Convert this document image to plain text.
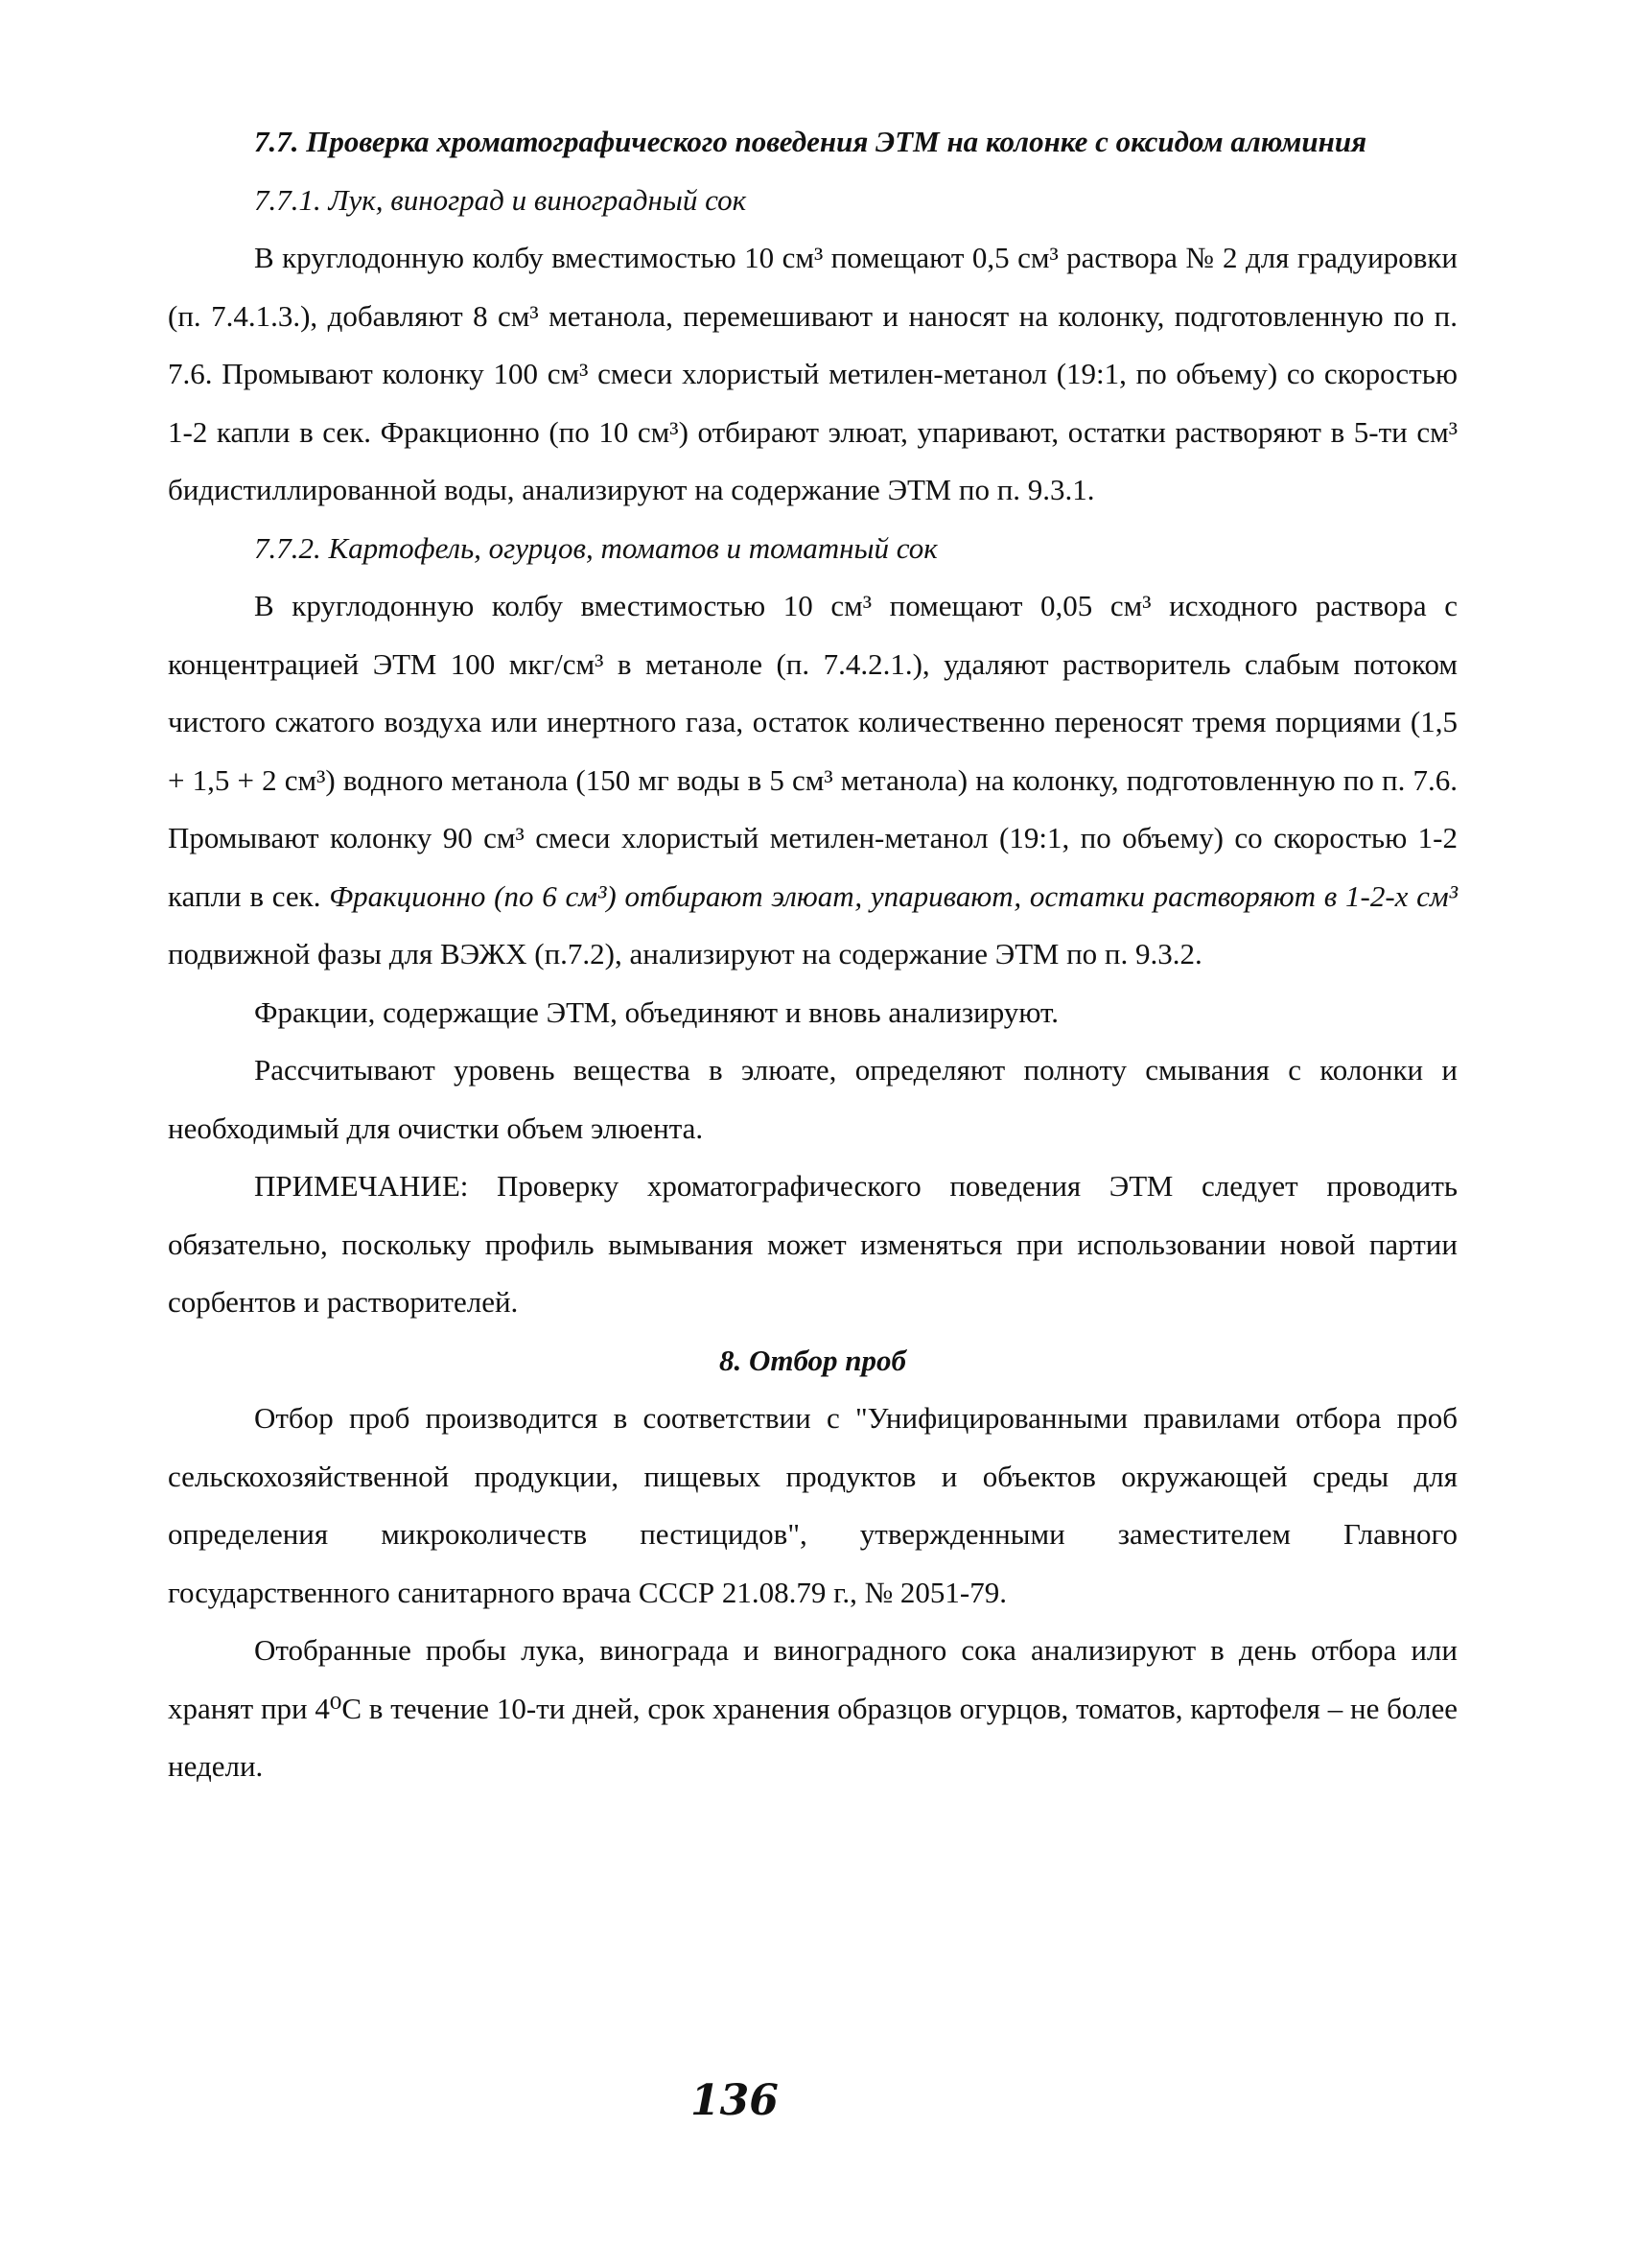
7.7. Проверка хроматографического поведения ЭТМ на колонке с оксидом алюминия

7.7.1. Лук, виноград и виноградный сок

В круглодонную колбу вместимостью 10 см³ помещают 0,5 см³ раствора № 2 для градуировки (п. 7.4.1.3.), добавляют 8 см³ метанола, перемешивают и наносят на колонку, подготовленную по п. 7.6. Промывают колонку 100 см³ смеси хлористый метилен-метанол (19:1, по объему) со скоростью 1-2 капли в сек. Фракционно (по 10 см³) отбирают элюат, упаривают, остатки растворяют в 5-ти см³ бидистиллированной воды, анализируют на содержание ЭТМ по п. 9.3.1.

7.7.2. Картофель, огурцов, томатов и томатный сок

В круглодонную колбу вместимостью 10 см³ помещают 0,05 см³ исходного раствора с концентрацией ЭТМ 100 мкг/см³ в метаноле (п. 7.4.2.1.), удаляют растворитель слабым потоком чистого сжатого воздуха или инертного газа, остаток количественно переносят тремя порциями (1,5 + 1,5 + 2 см³) водного метанола (150 мг воды в 5 см³ метанола) на колонку, подготовленную по п. 7.6. Промывают колонку 90 см³ смеси хлористый метилен-метанол (19:1, по объему) со скоростью 1-2 капли в сек. Фракционно (по 6 см³) отбирают элюат, упаривают, остатки растворяют в 1-2-х см³ подвижной фазы для ВЭЖХ (п.7.2), анализируют на содержание ЭТМ по п. 9.3.2.

Фракции, содержащие ЭТМ, объединяют и вновь анализируют.

Рассчитывают уровень вещества в элюате, определяют полноту смывания с колонки и необходимый для очистки объем элюента.

ПРИМЕЧАНИЕ: Проверку хроматографического поведения ЭТМ следует проводить обязательно, поскольку профиль вымывания может изменяться при использовании новой партии сорбентов и растворителей.

8. Отбор проб

Отбор проб производится в соответствии с "Унифицированными правилами отбора проб сельскохозяйственной продукции, пищевых продуктов и объектов окружающей среды для определения микроколичеств пестицидов", утвержденными заместителем Главного государственного санитарного врача СССР 21.08.79 г., № 2051-79.

Отобранные пробы лука, винограда и виноградного сока анализируют в день отбора или хранят при 4⁰С в течение 10-ти дней, срок хранения образцов огурцов, томатов, картофеля – не более недели.

136
